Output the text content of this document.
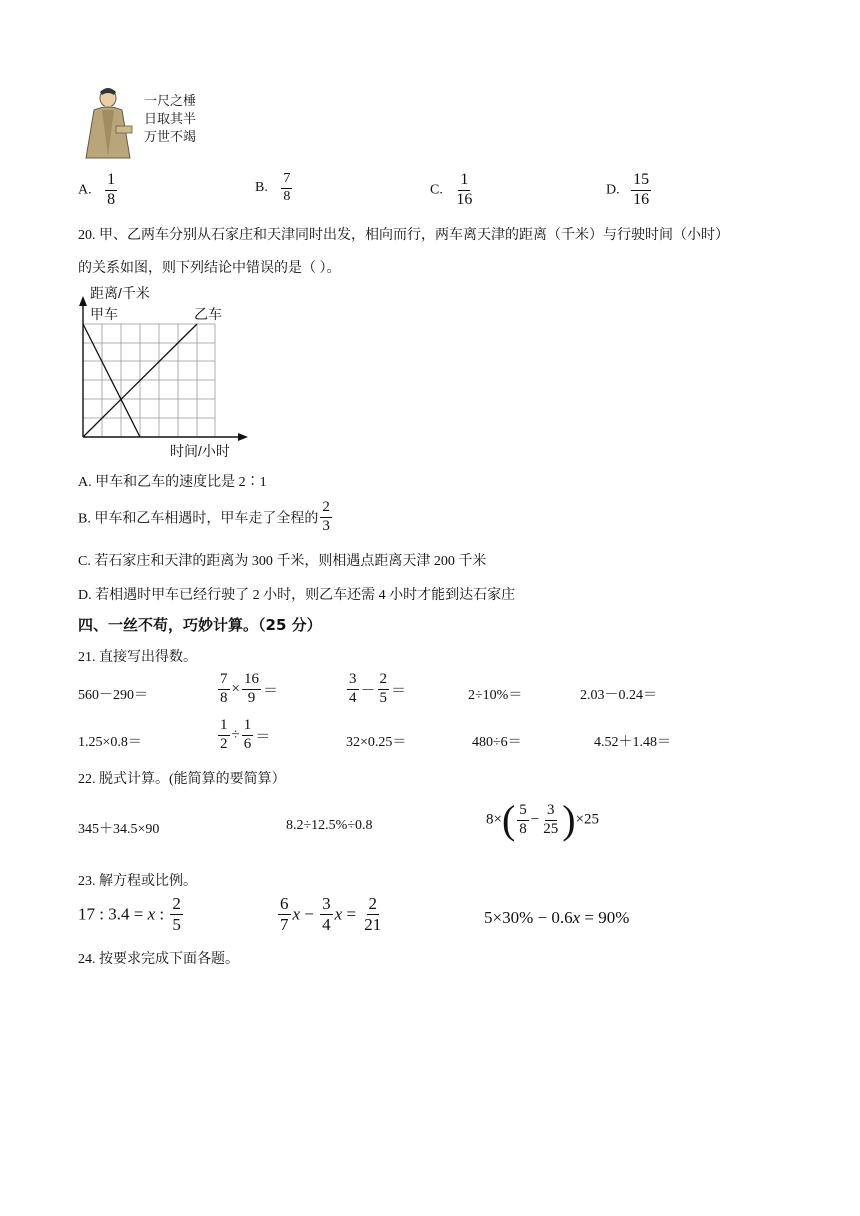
一尺之棰
日取其半
万世不竭
A. $\frac{1}{8}$	B. $\frac{7}{8}$	C. $\frac{1}{16}$	D. $\frac{15}{16}$
20. 甲、乙两车分别从石家庄和天津同时出发，相向而行，两车离天津的距离（千米）与行驶时间（小时）
的关系如图，则下列结论中错误的是（ ）。
距离/千米
甲车	乙车
时间/小时
A. 甲车和乙车的速度比是 2∶1
B. 甲车和乙车相遇时，甲车走了全程的 $\frac{2}{3}$
C. 若石家庄和天津的距离为 300 千米，则相遇点距离天津 200 千米
D. 若相遇时甲车已经行驶了 2 小时，则乙车还需 4 小时才能到达石家庄
四、一丝不苟，巧妙计算。（25 分）
21. 直接写出得数。
560－290＝	$\frac{7}{8} \times \frac{16}{9}$ ＝	$\frac{3}{4} - \frac{2}{5}$ ＝	2÷10%＝	2.03－0.24＝
1.25×0.8＝	$\frac{1}{2} \div \frac{1}{6}$ ＝	32×0.25＝	480÷6＝	4.52＋1.48＝
22. 脱式计算。(能简算的要简算）
345＋34.5×90	8.2÷12.5%÷0.8	$8\times( \frac{5}{8} - \frac{3}{25} )\times 25$
23. 解方程或比例。
17 : 3.4 = x : $\frac{2}{5}$	$\frac{6}{7}$ $x - \frac{3}{4}$ $x = \frac{2}{21}$	5×30% − 0.6x = 90%
24. 按要求完成下面各题。
